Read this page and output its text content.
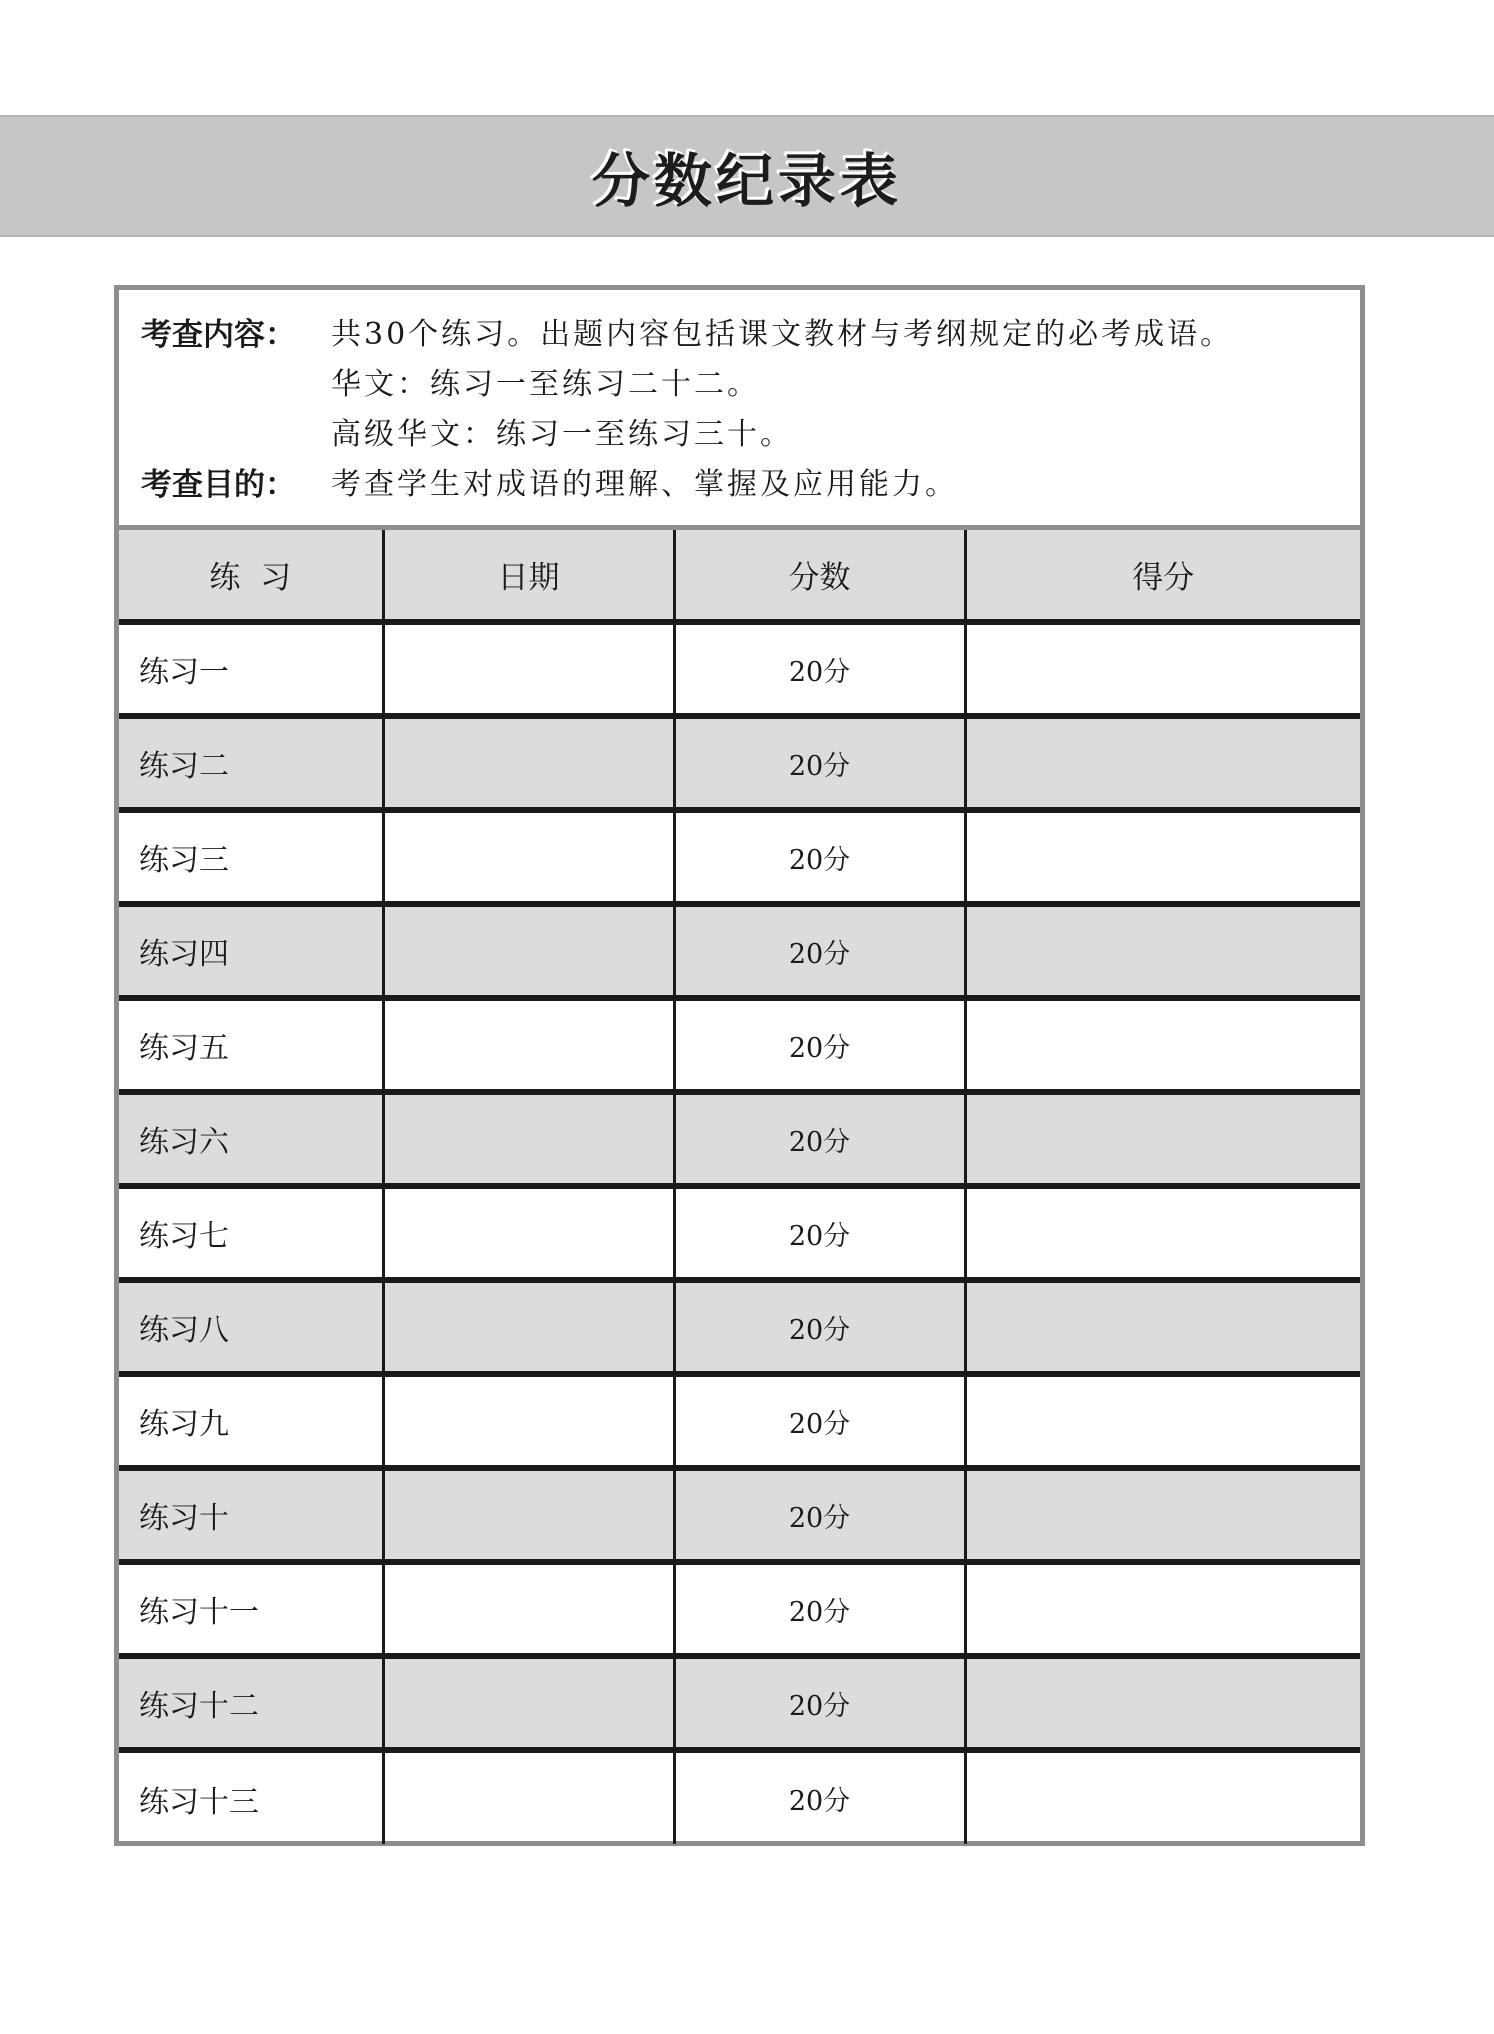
分数纪录表
考查内容： 共30个练习。出题内容包括课文教材与考纲规定的必考成语。
华文：练习一至练习二十二。
高级华文：练习一至练习三十。
考查目的： 考查学生对成语的理解、掌握及应用能力。
练  习	日期	分数	得分
练习一		20分	
练习二		20分	
练习三		20分	
练习四		20分	
练习五		20分	
练习六		20分	
练习七		20分	
练习八		20分	
练习九		20分	
练习十		20分	
练习十一		20分	
练习十二		20分	
练习十三		20分	
